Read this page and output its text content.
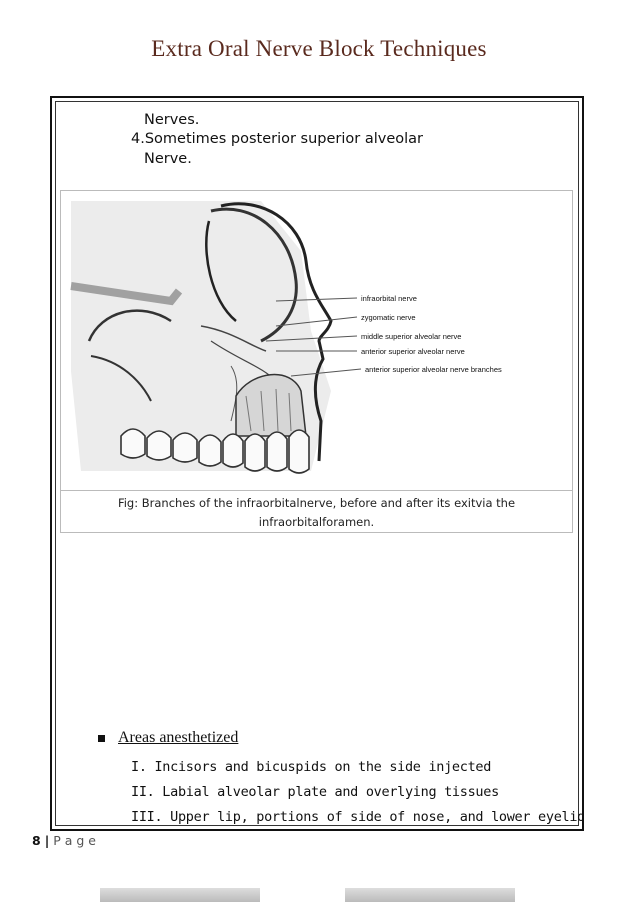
Extra Oral Nerve Block Techniques
Nerves.
4.Sometimes posterior superior alveolar
Nerve.
infraorbital nerve
zygomatic nerve
middle superior alveolar nerve
anterior superior alveolar nerve
anterior superior alveolar nerve branches
Fig: Branches of the infraorbitalnerve, before and after its exitvia the
infraorbitalforamen.
Areas anesthetized
I. Incisors and bicuspids on the side injected
II. Labial alveolar plate and overlying tissues
III. Upper lip, portions of side of nose, and lower eyelid
8 | P a g e
